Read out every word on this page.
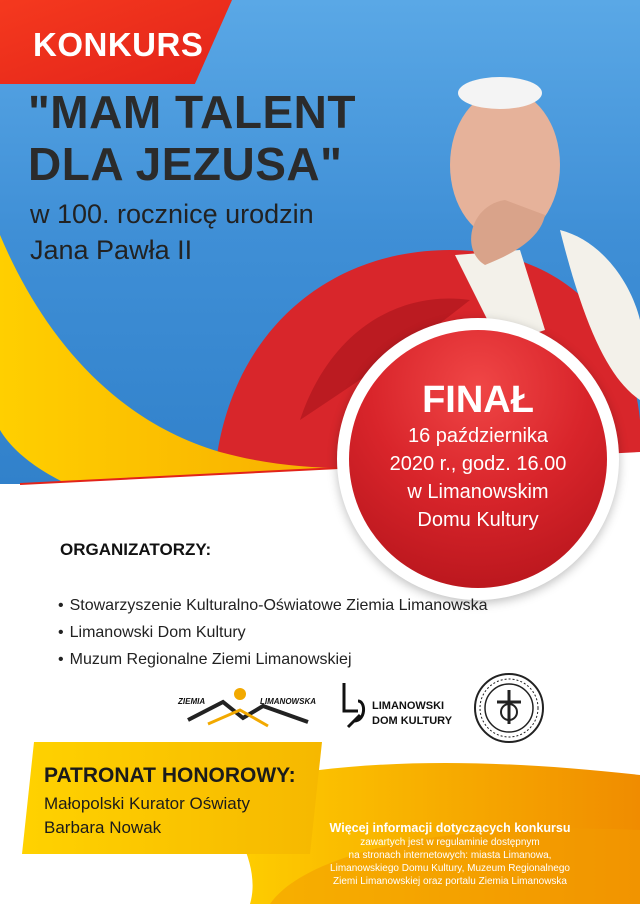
KONKURS
"MAM TALENT
DLA JEZUSA"
w 100. rocznicę urodzin
Jana Pawła II
FINAŁ
16 października
2020 r., godz. 16.00
w Limanowskim
Domu Kultury
ORGANIZATORZY:
• Stowarzyszenie Kulturalno-Oświatowe Ziemia Limanowska
• Limanowski Dom Kultury
• Muzum Regionalne Ziemi Limanowskiej
ZIEMIA	LIMANOWSKA	LIMANOWSKI
DOM KULTURY
PATRONAT HONOROWY:
Małopolski Kurator Oświaty
Barbara Nowak	Więcej informacji dotyczących konkursu
zawartych jest w regulaminie dostępnym
na stronach internetowych: miasta Limanowa,
Limanowskiego Domu Kultury, Muzeum Regionalnego
Ziemi Limanowskiej oraz portalu Ziemia Limanowska
